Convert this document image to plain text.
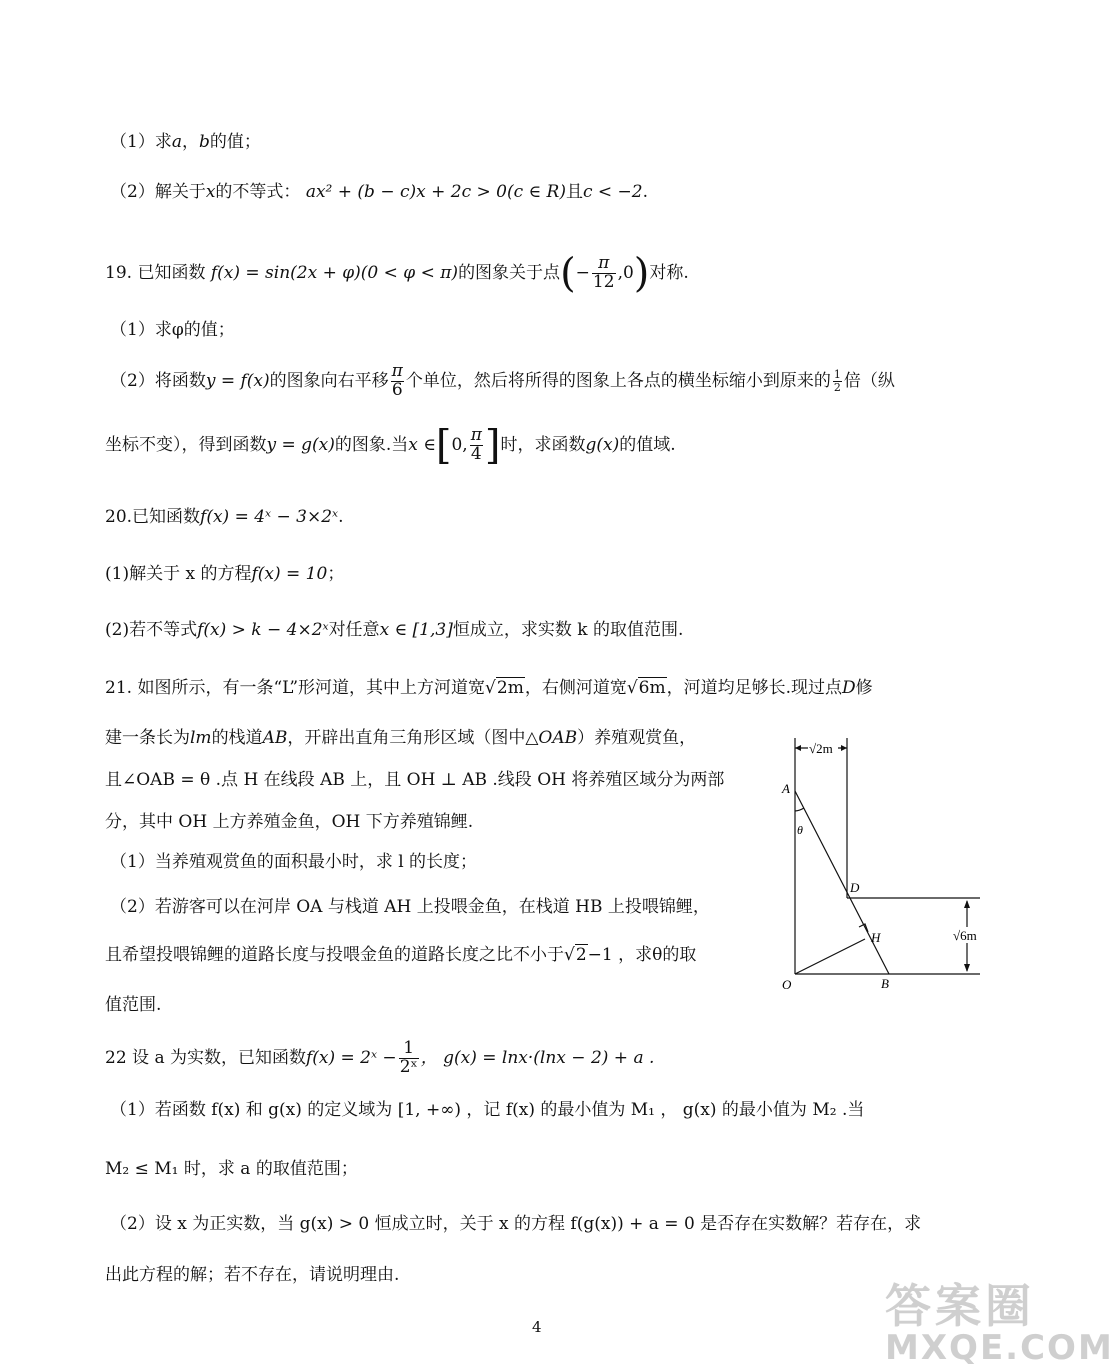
（1）求a，b的值；
（2）解关于x的不等式： ax² + (b − c)x + 2c > 0(c ∈ R)且c < −2.
19. 已知函数 f(x) = sin(2x + φ)(0 < φ < π)的图象关于点(− $\frac{\pi}{12} ,0$)对称.
（1）求φ的值；
（2）将函数y = f(x)的图象向右平移 $\frac{\pi}{6}$ 个单位，然后将所得的图象上各点的横坐标缩小到原来的 $\frac{1}{2}$ 倍（纵
坐标不变），得到函数y = g(x)的图象.当x ∈[0, $\frac{\pi}{4}$ ]时，求函数g(x)的值域.
20.已知函数f(x) = 4ˣ − 3×2ˣ.
(1)解关于 x 的方程f(x) = 10；
(2)若不等式f(x) > k − 4×2ˣ对任意x ∈ [1,3]恒成立，求实数 k 的取值范围.
21. 如图所示，有一条“L”形河道，其中上方河道宽√2m，右侧河道宽√6m，河道均足够长.现过点D修
建一条长为lm的栈道AB，开辟出直角三角形区域（图中△OAB）养殖观赏鱼，
且∠OAB = θ .点 H 在线段 AB 上，且 OH ⊥ AB .线段 OH 将养殖区域分为两部
分，其中 OH 上方养殖金鱼，OH 下方养殖锦鲤.
（1）当养殖观赏鱼的面积最小时，求 l 的长度；
（2）若游客可以在河岸 OA 与栈道 AH 上投喂金鱼，在栈道 HB 上投喂锦鲤，
且希望投喂锦鲤的道路长度与投喂金鱼的道路长度之比不小于√2−1 ，求θ的取
值范围.
√2m
√6m
A
θ
D
H
O	B
22 设 a 为实数，已知函数f(x) = 2ˣ − $\frac{1}{\text{2ˣ}}$ ， g(x) = lnx·(lnx − 2) + a .
（1）若函数 f(x) 和 g(x) 的定义域为 [1, +∞) ，记 f(x) 的最小值为 M₁ ， g(x) 的最小值为 M₂ .当
M₂ ≤ M₁ 时，求 a 的取值范围；
（2）设 x 为正实数，当 g(x) > 0 恒成立时，关于 x 的方程 f(g(x)) + a = 0 是否存在实数解？若存在，求
出此方程的解；若不存在，请说明理由.
4	答案圈
MXQE.COM
